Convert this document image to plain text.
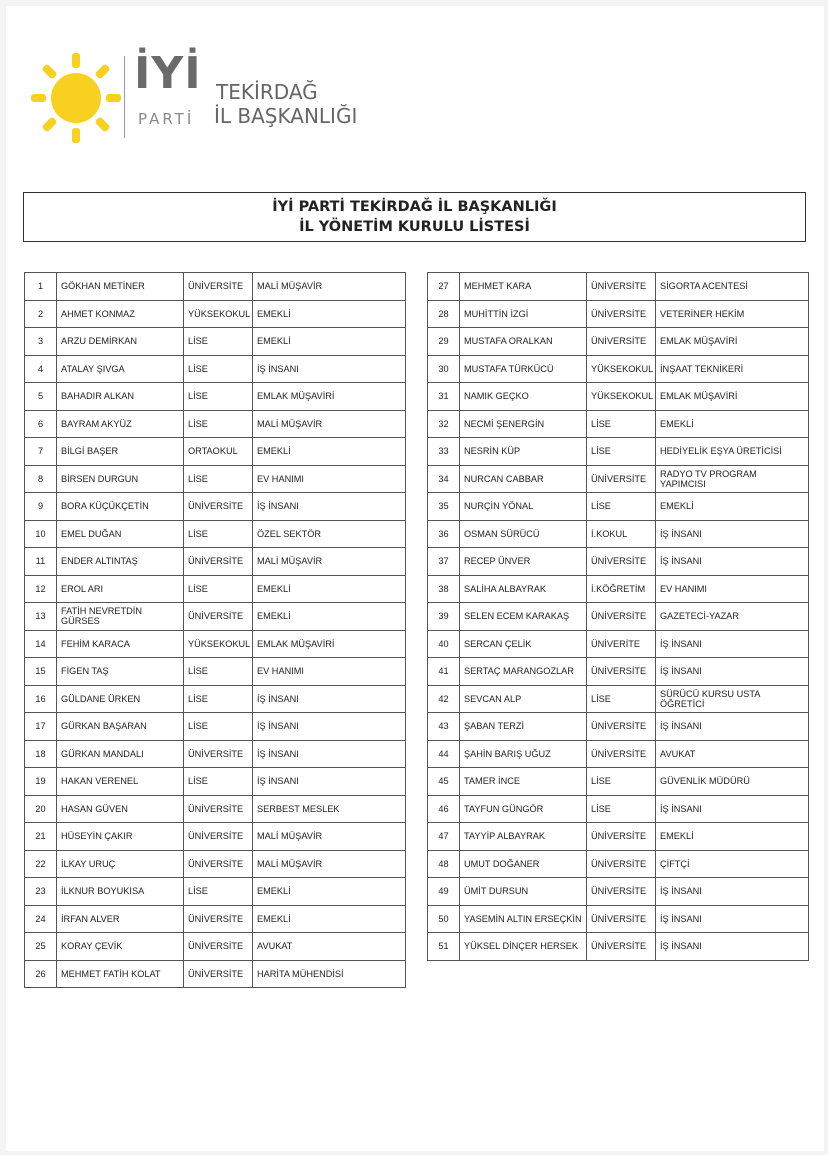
İYİ
PARTİ
TEKİRDAĞ
İL BAŞKANLIĞI
İYİ PARTİ TEKİRDAĞ İL BAŞKANLIĞI
İL YÖNETİM KURULU LİSTESİ
1	GÖKHAN METİNER	ÜNİVERSİTE	MALİ MÜŞAVİR
2	AHMET KONMAZ	YÜKSEKOKUL	EMEKLİ
3	ARZU DEMİRKAN	LİSE	EMEKLİ
4	ATALAY ŞIVGA	LİSE	İŞ İNSANI
5	BAHADIR ALKAN	LİSE	EMLAK MÜŞAVİRİ
6	BAYRAM AKYÜZ	LİSE	MALİ MÜŞAVİR
7	BİLGİ BAŞER	ORTAOKUL	EMEKLİ
8	BİRSEN DURGUN	LİSE	EV HANIMI
9	BORA KÜÇÜKÇETİN	ÜNİVERSİTE	İŞ İNSANI
10	EMEL DUĞAN	LİSE	ÖZEL SEKTÖR
11	ENDER ALTINTAŞ	ÜNİVERSİTE	MALİ MÜŞAVİR
12	EROL ARI	LİSE	EMEKLİ
13	FATİH NEVRETDİN GÜRSES	ÜNİVERSİTE	EMEKLİ
14	FEHİM KARACA	YÜKSEKOKUL	EMLAK MÜŞAVİRİ
15	FİGEN TAŞ	LİSE	EV HANIMI
16	GÜLDANE ÜRKEN	LİSE	İŞ İNSANI
17	GÜRKAN BAŞARAN	LİSE	İŞ İNSANI
18	GÜRKAN MANDALI	ÜNİVERSİTE	İŞ İNSANI
19	HAKAN VERENEL	LİSE	İŞ İNSANI
20	HASAN GÜVEN	ÜNİVERSİTE	SERBEST MESLEK
21	HÜSEYİN ÇAKIR	ÜNİVERSİTE	MALİ MÜŞAVİR
22	İLKAY URUÇ	ÜNİVERSİTE	MALİ MÜŞAVİR
23	İLKNUR BOYUKISA	LİSE	EMEKLİ
24	İRFAN ALVER	ÜNİVERSİTE	EMEKLİ
25	KORAY ÇEVİK	ÜNİVERSİTE	AVUKAT
26	MEHMET FATİH KOLAT	ÜNİVERSİTE	HARİTA MÜHENDİSİ
27	MEHMET KARA	ÜNİVERSİTE	SİGORTA ACENTESİ
28	MUHİTTİN İZGİ	ÜNİVERSİTE	VETERİNER HEKİM
29	MUSTAFA ORALKAN	ÜNİVERSİTE	EMLAK MÜŞAVİRİ
30	MUSTAFA TÜRKÜCÜ	YÜKSEKOKUL	İNŞAAT TEKNİKERİ
31	NAMIK GEÇKO	YÜKSEKOKUL	EMLAK MÜŞAVİRİ
32	NECMİ ŞENERGİN	LİSE	EMEKLİ
33	NESRİN KÜP	LİSE	HEDİYELİK EŞYA ÜRETİCİSİ
34	NURCAN CABBAR	ÜNİVERSİTE	RADYO TV PROGRAM YAPIMCISI
35	NURÇİN YÖNAL	LİSE	EMEKLİ
36	OSMAN SÜRÜCÜ	İ.KOKUL	İŞ İNSANI
37	RECEP ÜNVER	ÜNİVERSİTE	İŞ İNSANI
38	SALİHA ALBAYRAK	İ.KÖĞRETİM	EV HANIMI
39	SELEN ECEM KARAKAŞ	ÜNİVERSİTE	GAZETECİ-YAZAR
40	SERCAN ÇELİK	ÜNİVERİTE	İŞ İNSANI
41	SERTAÇ MARANGOZLAR	ÜNİVERSİTE	İŞ İNSANI
42	SEVCAN ALP	LİSE	SÜRÜCÜ KURSU USTA ÖĞRETİCİ
43	ŞABAN TERZİ	ÜNİVERSİTE	İŞ İNSANI
44	ŞAHİN BARIŞ UĞUZ	ÜNİVERSİTE	AVUKAT
45	TAMER İNCE	LİSE	GÜVENLİK MÜDÜRÜ
46	TAYFUN GÜNGÖR	LİSE	İŞ İNSANI
47	TAYYİP ALBAYRAK	ÜNİVERSİTE	EMEKLİ
48	UMUT DOĞANER	ÜNİVERSİTE	ÇİFTÇİ
49	ÜMİT DURSUN	ÜNİVERSİTE	İŞ İNSANI
50	YASEMİN ALTIN ERSEÇKİN	ÜNİVERSİTE	İŞ İNSANI
51	YÜKSEL DİNÇER HERSEK	ÜNİVERSİTE	İŞ İNSANI
